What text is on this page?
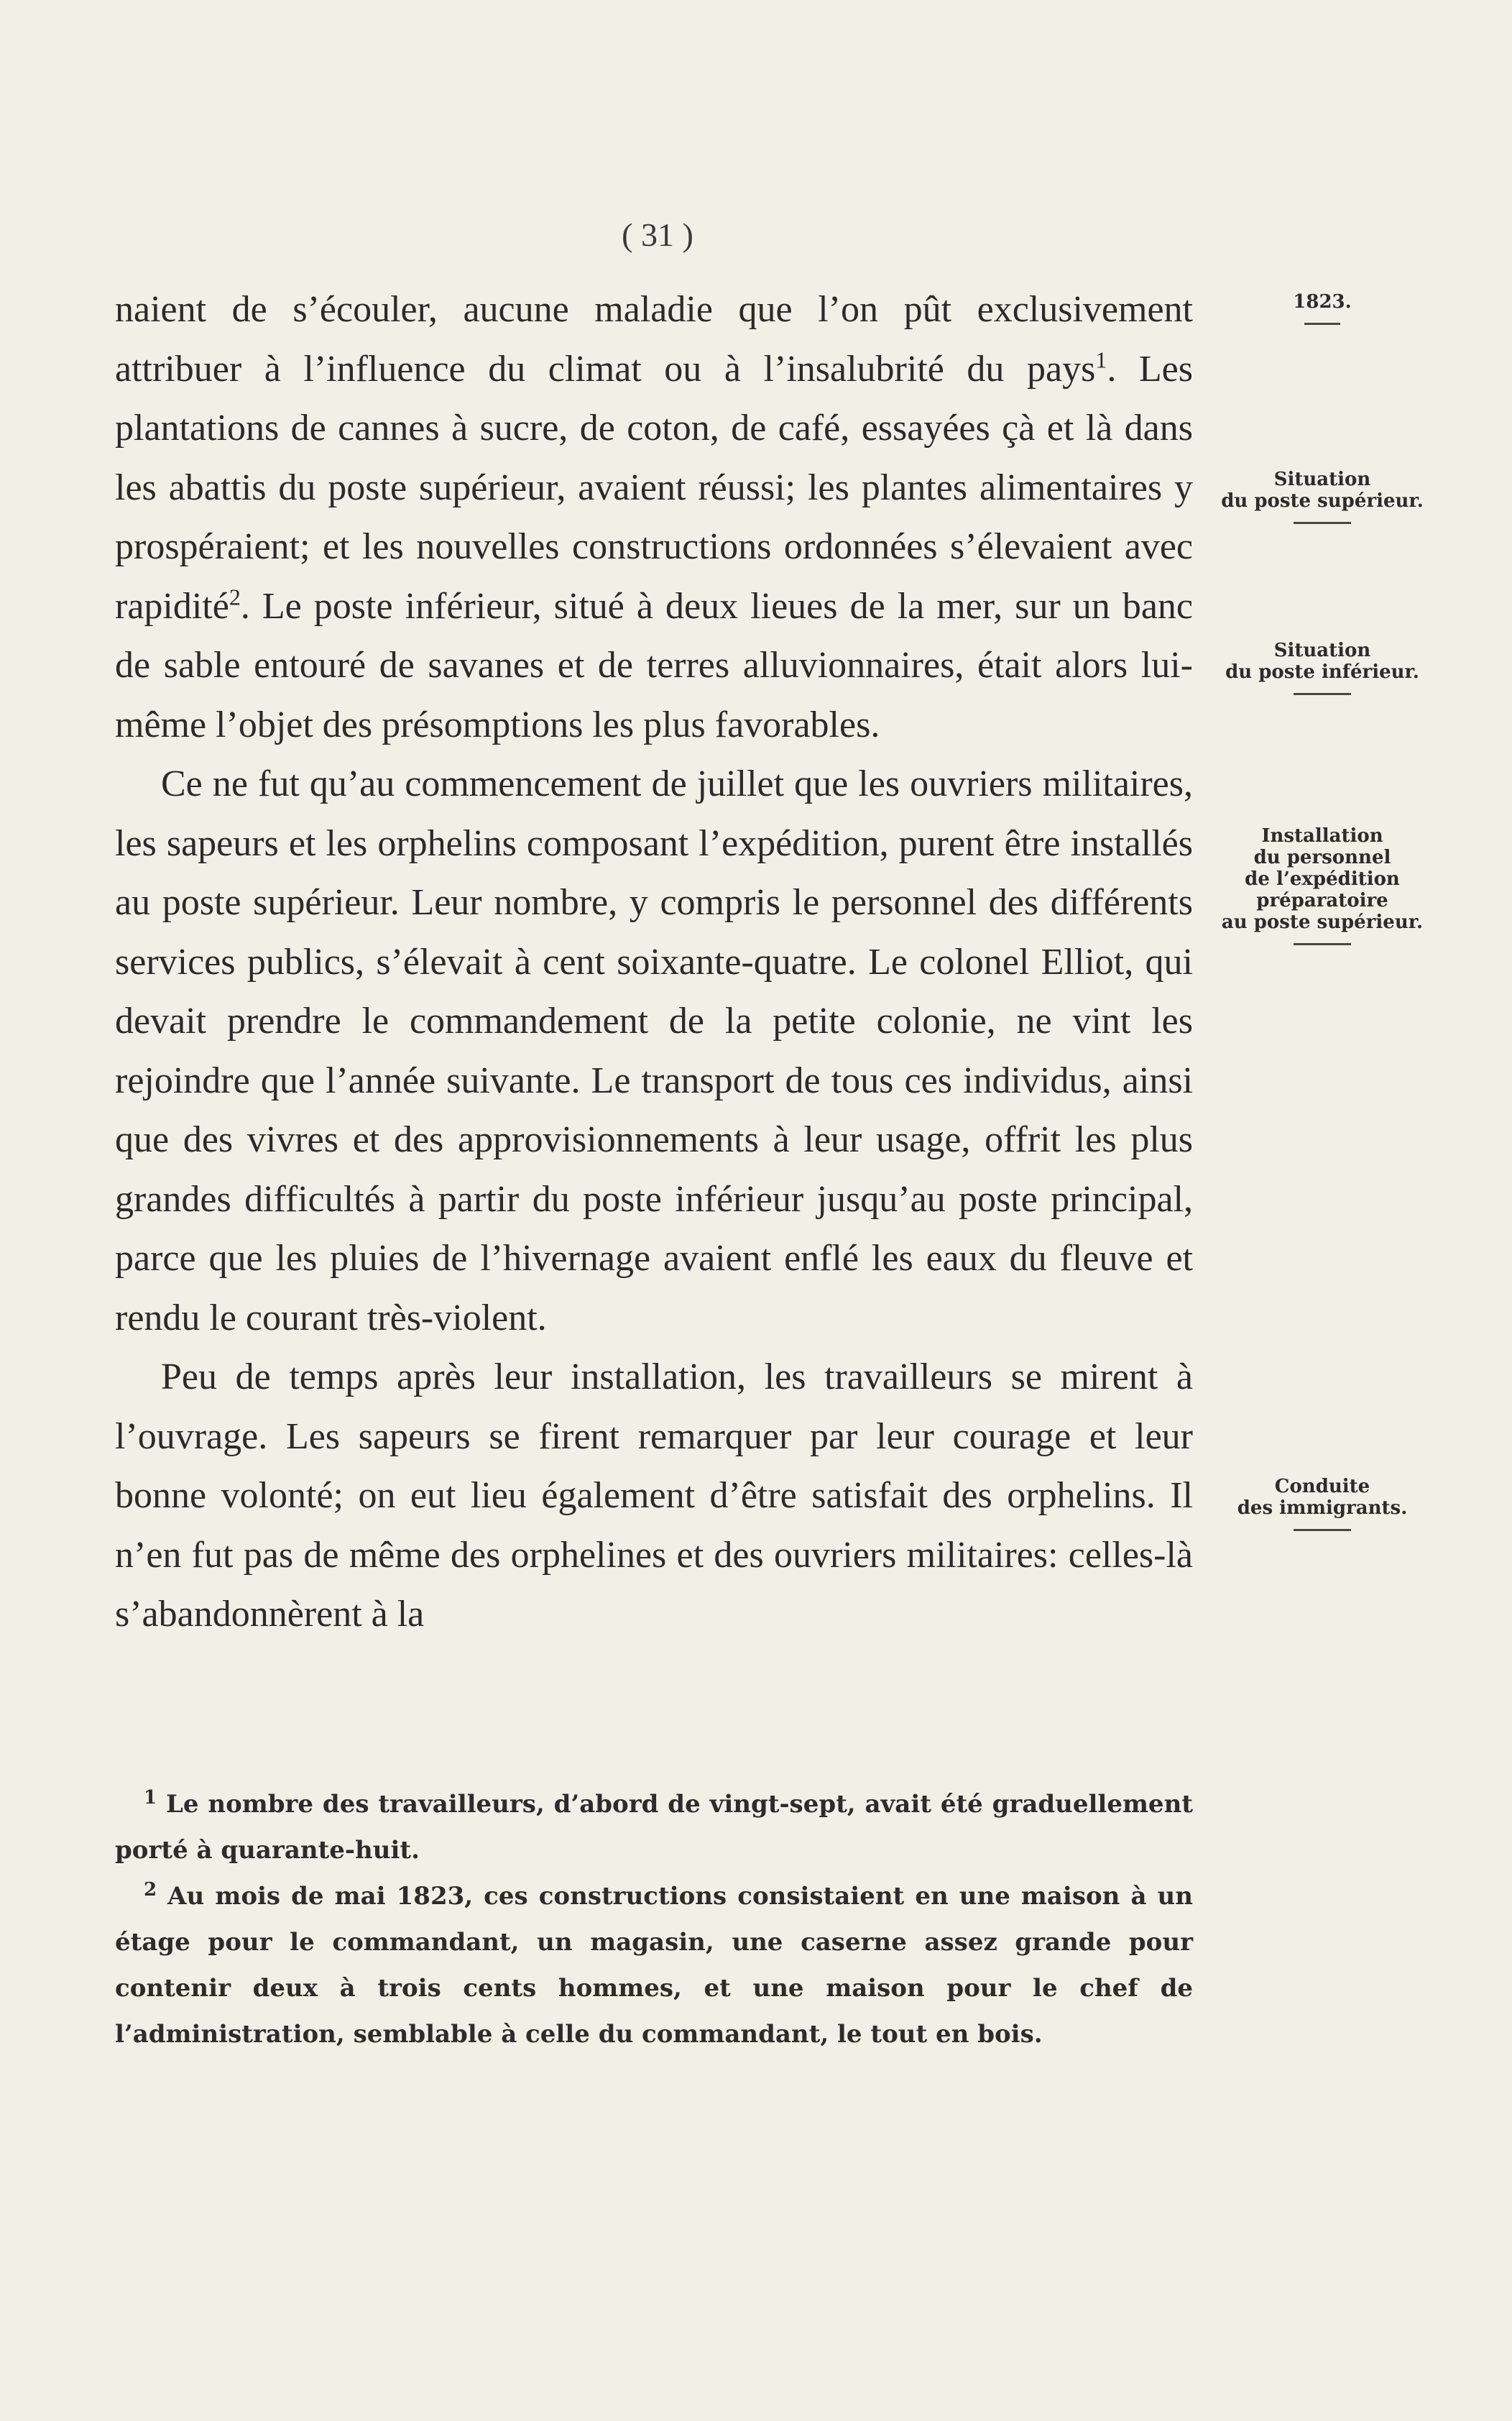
( 31 )

naient de s’écouler, aucune maladie que l’on pût exclusivement attribuer à l’influence du climat ou à l’insalubrité du pays$^1$. Les plantations de cannes à sucre, de coton, de café, essayées çà et là dans les abattis du poste supérieur, avaient réussi; les plantes alimentaires y prospéraient; et les nouvelles constructions ordonnées s’élevaient avec rapidité$^2$. Le poste inférieur, situé à deux lieues de la mer, sur un banc de sable entouré de savanes et de terres alluvionnaires, était alors lui-même l’objet des présomptions les plus favorables.

Ce ne fut qu’au commencement de juillet que les ouvriers militaires, les sapeurs et les orphelins composant l’expédition, purent être installés au poste supérieur. Leur nombre, y compris le personnel des différents services publics, s’élevait à cent soixante-quatre. Le colonel Elliot, qui devait prendre le commandement de la petite colonie, ne vint les rejoindre que l’année suivante. Le transport de tous ces individus, ainsi que des vivres et des approvisionnements à leur usage, offrit les plus grandes difficultés à partir du poste inférieur jusqu’au poste principal, parce que les pluies de l’hivernage avaient enflé les eaux du fleuve et rendu le courant très-violent.

Peu de temps après leur installation, les travailleurs se mirent à l’ouvrage. Les sapeurs se firent remarquer par leur courage et leur bonne volonté; on eut lieu également d’être satisfait des orphelins. Il n’en fut pas de même des orphelines et des ouvriers militaires: celles-là s’abandonnèrent à la

1823.
Situation
du poste supérieur.
Situation
du poste inférieur.
Installation
du personnel
de l’expédition
préparatoire
au poste supérieur.
Conduite
des immigrants.

$^1$ Le nombre des travailleurs, d’abord de vingt-sept, avait été graduellement porté à quarante-huit.

$^2$ Au mois de mai 1823, ces constructions consistaient en une maison à un étage pour le commandant, un magasin, une caserne assez grande pour contenir deux à trois cents hommes, et une maison pour le chef de l’administration, semblable à celle du commandant, le tout en bois.
